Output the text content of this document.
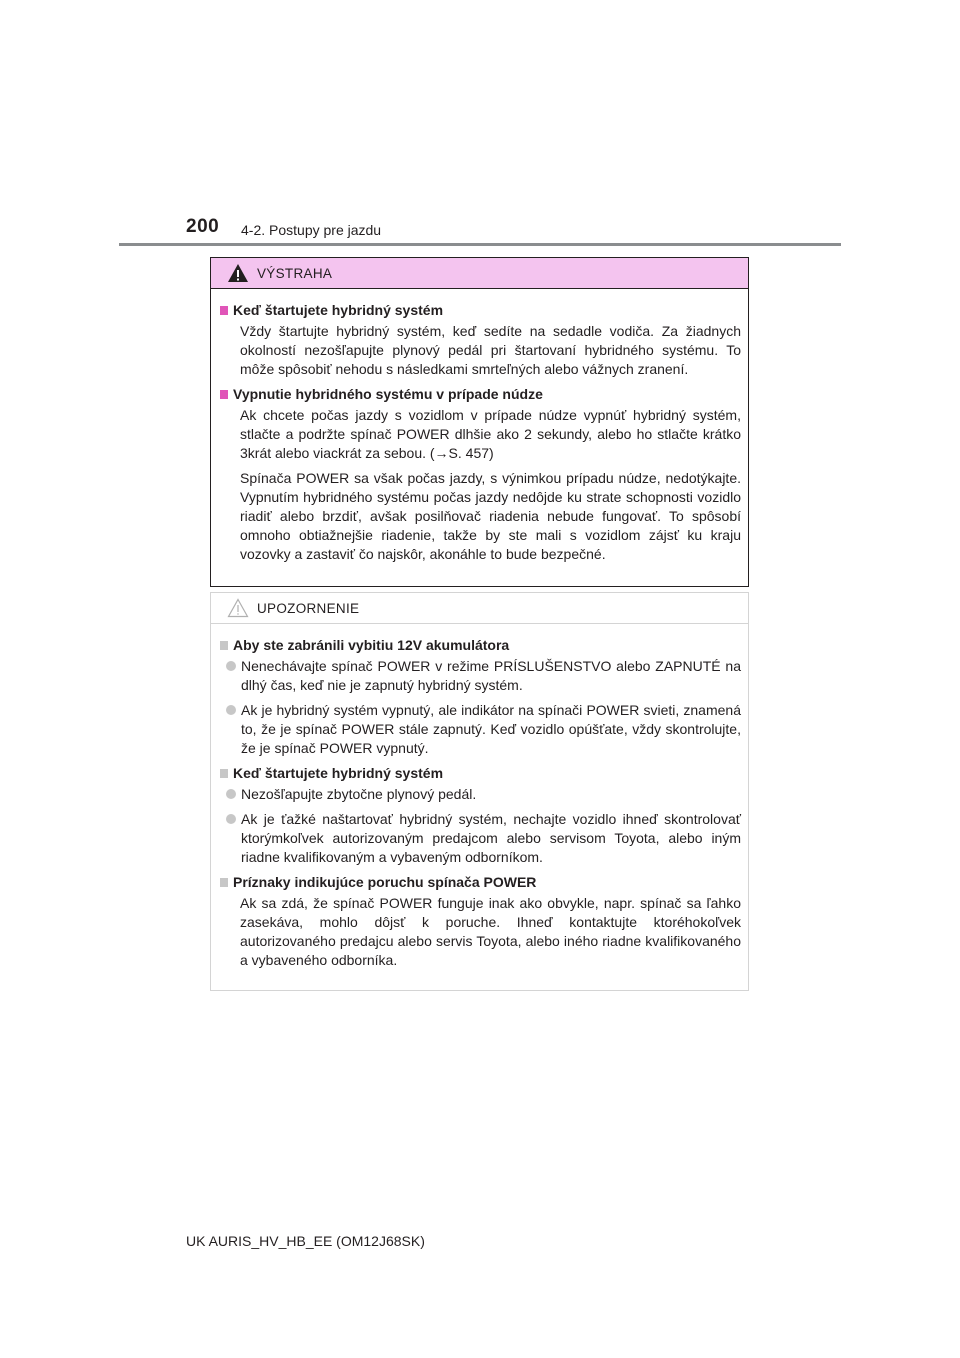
200 4-2. Postupy pre jazdu
VÝSTRAHA
Keď štartujete hybridný systém
Vždy štartujte hybridný systém, keď sedíte na sedadle vodiča. Za žiadnych okolností nezošľapujte plynový pedál pri štartovaní hybridného systému. To môže spôsobiť nehodu s následkami smrteľných alebo vážnych zranení.
Vypnutie hybridného systému v prípade núdze
Ak chcete počas jazdy s vozidlom v prípade núdze vypnúť hybridný systém, stlačte a podržte spínač POWER dlhšie ako 2 sekundy, alebo ho stlačte krátko 3krát alebo viackrát za sebou. (→S. 457)
Spínača POWER sa však počas jazdy, s výnimkou prípadu núdze, nedotýkajte. Vypnutím hybridného systému počas jazdy nedôjde ku strate schopnosti vozidlo riadiť alebo brzdiť, avšak posilňovač riadenia nebude fungovať. To spôsobí omnoho obtiažnejšie riadenie, takže by ste mali s vozidlom zájsť ku kraju vozovky a zastaviť čo najskôr, akonáhle to bude bezpečné.
UPOZORNENIE
Aby ste zabránili vybitiu 12V akumulátora
Nenechávajte spínač POWER v režime PRÍSLUŠENSTVO alebo ZAPNUTÉ na dlhý čas, keď nie je zapnutý hybridný systém.
Ak je hybridný systém vypnutý, ale indikátor na spínači POWER svieti, znamená to, že je spínač POWER stále zapnutý. Keď vozidlo opúšťate, vždy skontrolujte, že je spínač POWER vypnutý.
Keď štartujete hybridný systém
Nezošľapujte zbytočne plynový pedál.
Ak je ťažké naštartovať hybridný systém, nechajte vozidlo ihneď skontrolovať ktorýmkoľvek autorizovaným predajcom alebo servisom Toyota, alebo iným riadne kvalifikovaným a vybaveným odborníkom.
Príznaky indikujúce poruchu spínača POWER
Ak sa zdá, že spínač POWER funguje inak ako obvykle, napr. spínač sa ľahko zasekáva, mohlo dôjsť k poruche. Ihneď kontaktujte ktoréhokoľvek autorizovaného predajcu alebo servis Toyota, alebo iného riadne kvalifikovaného a vybaveného odborníka.
UK AURIS_HV_HB_EE (OM12J68SK)
